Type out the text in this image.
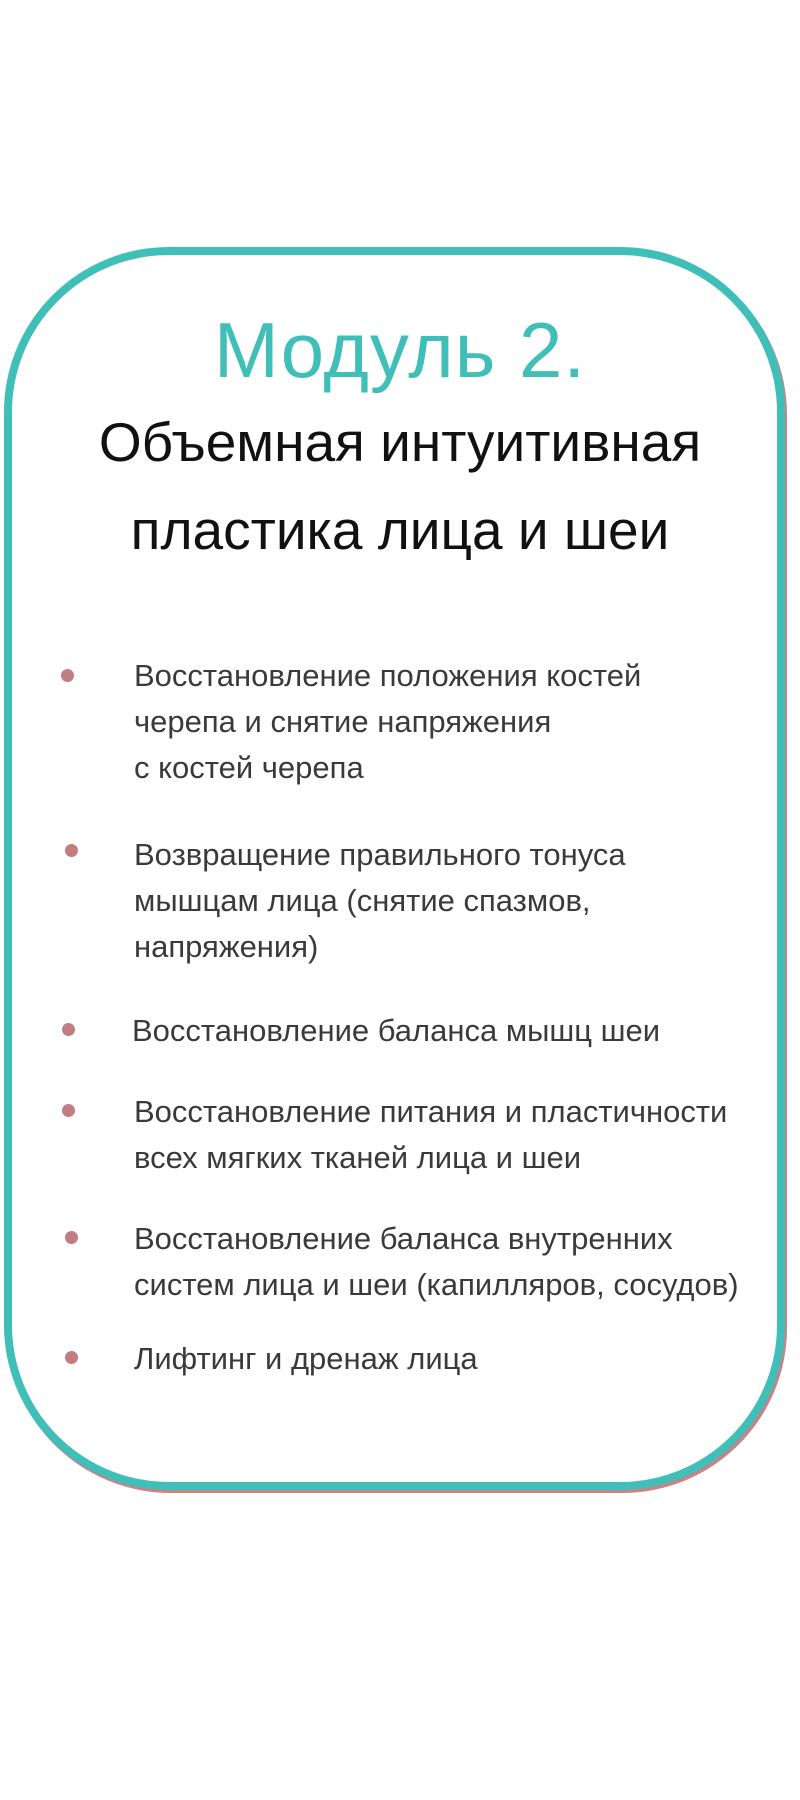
Модуль 2.
Объемная интуитивная
пластика лица и шеи
Восстановление положения костей
черепа и снятие напряжения
с костей черепа
Возвращение правильного тонуса
мышцам лица (снятие спазмов,
напряжения)
Восстановление баланса мышц шеи
Восстановление питания и пластичности
всех мягких тканей лица и шеи
Восстановление баланса внутренних
систем лица и шеи (капилляров, сосудов)
Лифтинг и дренаж лица
